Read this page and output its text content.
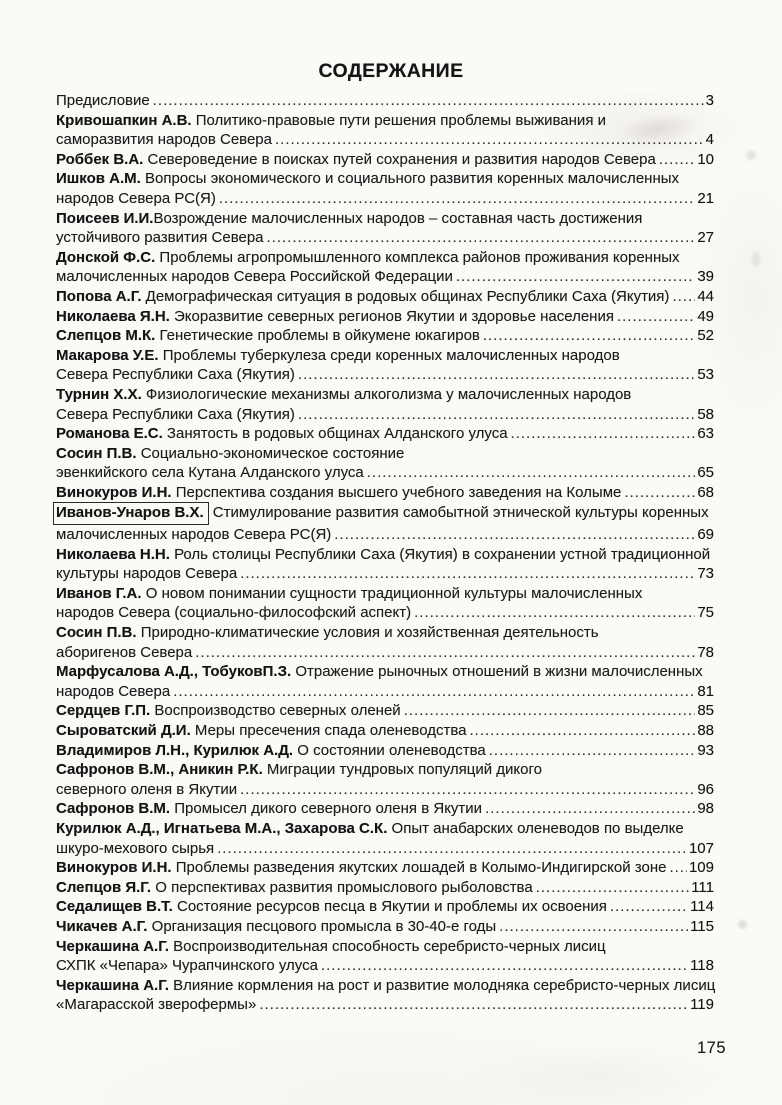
СОДЕРЖАНИЕ
Предисловие .....	3
Кривошапкин А.В. Политико-правовые пути решения проблемы выживания и
саморазвития народов Севера .....	4
Роббек В.А. Североведение в поисках путей сохранения и развития народов Севера .....	10
Ишков А.М. Вопросы экономического и социального развития коренных малочисленных
народов Севера РС(Я) .....	21
Поисеев И.И. Возрождение малочисленных народов – составная часть достижения
устойчивого развития Севера .....	27
Донской Ф.С. Проблемы агропромышленного комплекса районов проживания коренных
малочисленных народов Севера Российской Федерации .....	39
Попова А.Г. Демографическая ситуация в родовых общинах Республики Саха (Якутия) ..... 44
Николаева Я.Н. Экоразвитие северных регионов Якутии и здоровье населения .....	49
Слепцов М.К. Генетические проблемы в ойкумене юкагиров .....	52
Макарова У.Е. Проблемы туберкулеза среди коренных малочисленных народов
Севера Республики Саха (Якутия) .....	53
Турнин Х.Х. Физиологические механизмы алкоголизма у малочисленных народов
Севера Республики Саха (Якутия) .....	58
Романова Е.С. Занятость в родовых общинах Алданского улуса .....	63
Сосин П.В. Социально-экономическое состояние
эвенкийского села Кутана Алданского улуса .....	65
Винокуров И.Н. Перспектива создания высшего учебного заведения на Колыме .....	68
Иванов-Унаров В.Х. Стимулирование развития самобытной этнической культуры коренных
малочисленных народов Севера РС(Я) .....	69
Николаева Н.Н. Роль столицы Республики Саха (Якутия) в сохранении устной традиционной
культуры народов Севера .....	73
Иванов Г.А. О новом понимании сущности традиционной культуры малочисленных
народов Севера (социально-философский аспект) .....	75
Сосин П.В. Природно-климатические условия и хозяйственная деятельность
аборигенов Севера .....	78
Марфусалова А.Д., ТобуковП.З. Отражение рыночных отношений в жизни малочисленных
народов Севера .....	81
Сердцев Г.П. Воспроизводство северных оленей .....	85
Сыроватский Д.И. Меры пресечения спада оленеводства .....	88
Владимиров Л.Н., Курилюк А.Д. О состоянии оленеводства .....	93
Сафронов В.М., Аникин Р.К. Миграции тундровых популяций дикого
северного оленя в Якутии .....	96
Сафронов В.М. Промысел дикого северного оленя в Якутии .....	98
Курилюк А.Д., Игнатьева М.А., Захарова С.К. Опыт анабарских оленеводов по выделке
шкуро-мехового сырья .....	107
Винокуров И.Н. Проблемы разведения якутских лошадей в Колымо-Индигирской зоне ..... 109
Слепцов Я.Г. О перспективах развития промыслового рыболовства .....	111
Седалищев В.Т. Состояние ресурсов песца в Якутии и проблемы их освоения .....	114
Чикачев А.Г. Организация песцового промысла в 30-40-е годы .....	115
Черкашина А.Г. Воспроизводительная способность серебристо-черных лисиц
СХПК «Чепара» Чурапчинского улуса .....	118
Черкашина А.Г. Влияние кормления на рост и развитие молодняка серебристо-черных лисиц
«Магарасской зверофермы» .....	119
175
